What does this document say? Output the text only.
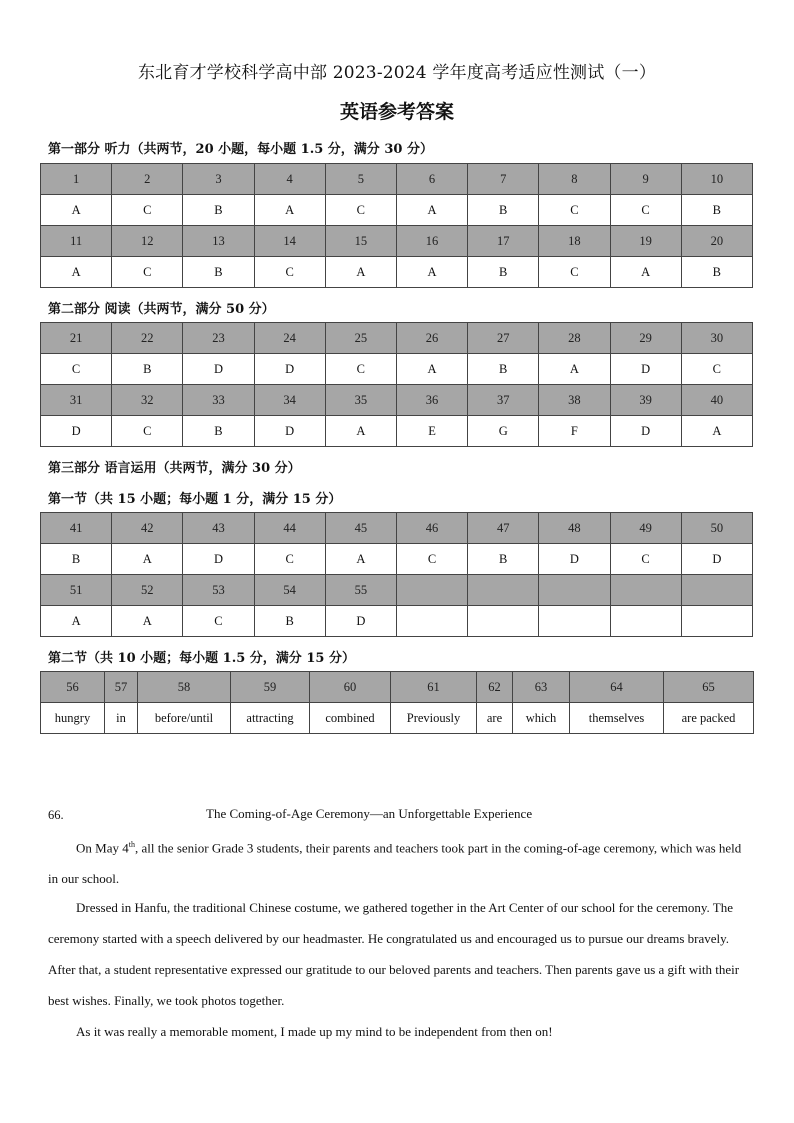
东北育才学校科学高中部 2023-2024 学年度高考适应性测试（一）
英语参考答案
第一部分 听力（共两节，20 小题，每小题 1.5 分，满分 30 分）
1	2	3	4	5	6	7	8	9	10
A	C	B	A	C	A	B	C	C	B
11	12	13	14	15	16	17	18	19	20
A	C	B	C	A	A	B	C	A	B
第二部分 阅读（共两节，满分 50 分）
21	22	23	24	25	26	27	28	29	30
C	B	D	D	C	A	B	A	D	C
31	32	33	34	35	36	37	38	39	40
D	C	B	D	A	E	G	F	D	A
第三部分 语言运用（共两节，满分 30 分）
第一节（共 15 小题；每小题 1 分，满分 15 分）
41	42	43	44	45	46	47	48	49	50
B	A	D	C	A	C	B	D	C	D
51	52	53	54	55					
A	A	C	B	D					
第二节（共 10 小题；每小题 1.5 分，满分 15 分）
56	57	58	59	60	61	62	63	64	65
hungry	in	before/until	attracting	combined	Previously	are	which	themselves	are packed
66.	The Coming-of-Age Ceremony—an Unforgettable Experience

On May 4th, all the senior Grade 3 students, their parents and teachers took part in the coming-of-age ceremony, which was held in our school.

Dressed in Hanfu, the traditional Chinese costume, we gathered together in the Art Center of our school for the ceremony. The ceremony started with a speech delivered by our headmaster. He congratulated us and encouraged us to pursue our dreams bravely. After that, a student representative expressed our gratitude to our beloved parents and teachers. Then parents gave us a gift with their best wishes. Finally, we took photos together.

As it was really a memorable moment, I made up my mind to be independent from then on!
